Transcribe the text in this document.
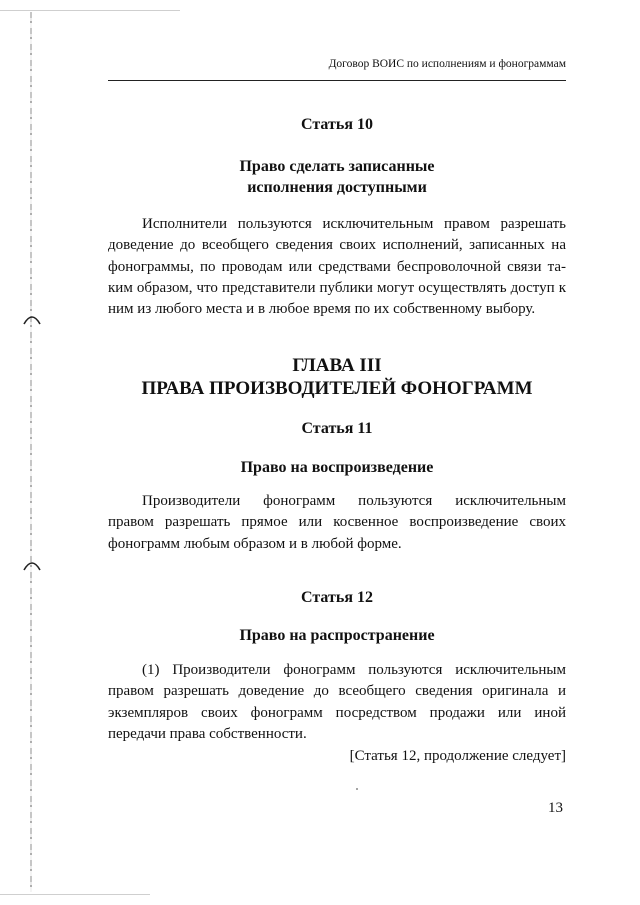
Договор ВОИС по исполнениям и фонограммам
Статья 10
Право сделать записанные
исполнения доступными
Исполнители пользуются исключительным правом разрешать
доведение до всеобщего сведения своих исполнений, записанных на
фонограммы, по проводам или средствами беспроволочной связи та-
ким образом, что представители публики могут осуществлять доступ к
ним из любого места и в любое время по их собственному выбору.
ГЛАВА III
ПРАВА ПРОИЗВОДИТЕЛЕЙ ФОНОГРАММ
Статья 11
Право на воспроизведение
Производители фонограмм пользуются исключительным
правом разрешать прямое или косвенное воспроизведение своих
фонограмм любым образом и в любой форме.
Статья 12
Право на распространение
(1) Производители фонограмм пользуются исключительным
правом разрешать доведение до всеобщего сведения оригинала и
экземпляров своих фонограмм посредством продажи или иной
передачи права собственности.
[Статья 12, продолжение следует]
13
